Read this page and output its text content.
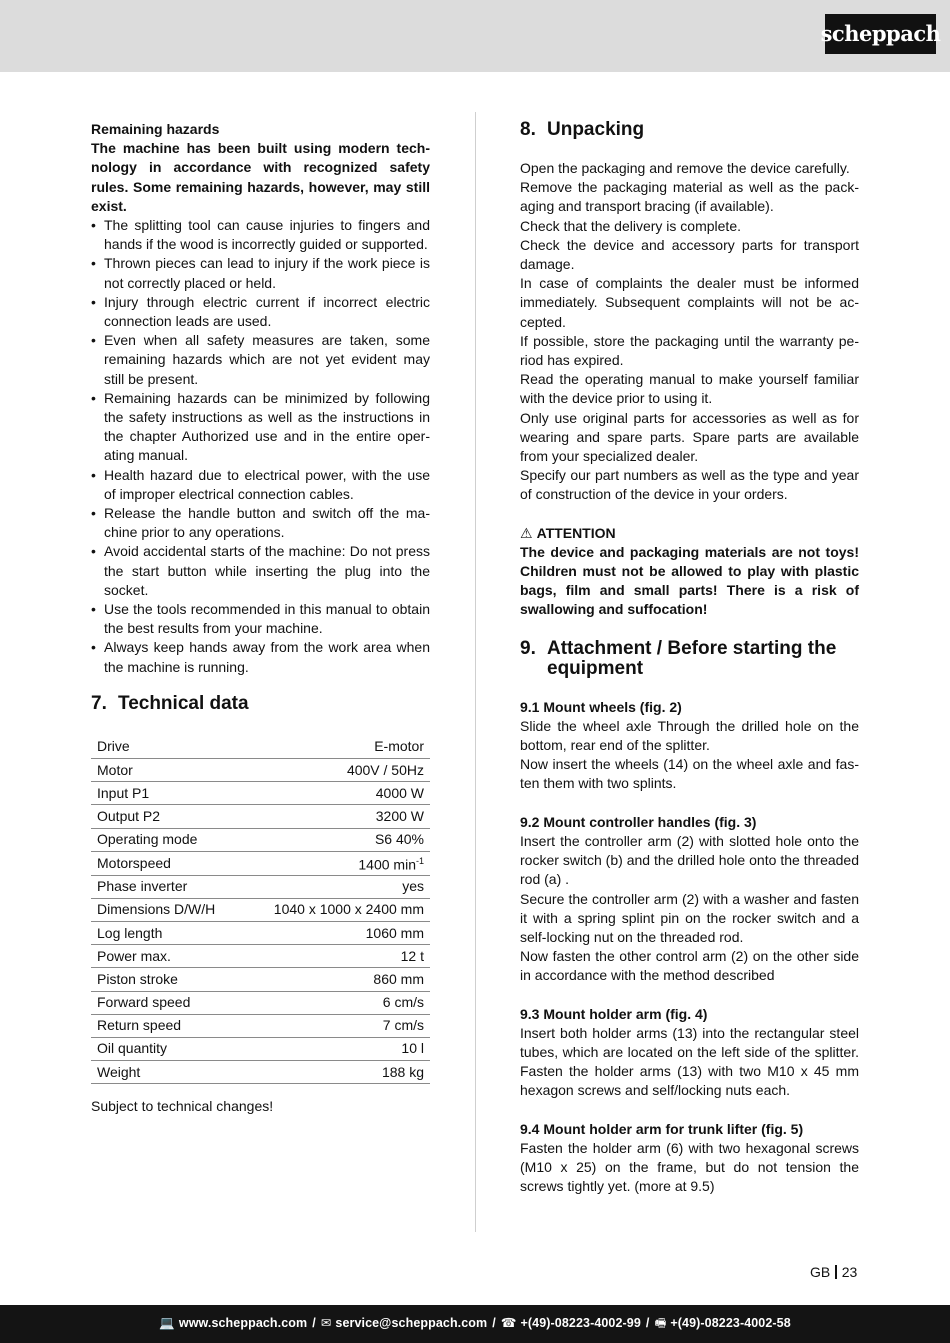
scheppach

Remaining hazards

The machine has been built using modern technology in accordance with recognized safety rules. Some remaining hazards, however, may still exist.

• The splitting tool can cause injuries to fingers and hands if the wood is incorrectly guided or supported.
• Thrown pieces can lead to injury if the work piece is not correctly placed or held.
• Injury through electric current if incorrect electric connection leads are used.
• Even when all safety measures are taken, some remaining hazards which are not yet evident may still be present.
• Remaining hazards can be minimized by following the safety instructions as well as the instructions in the chapter Authorized use and in the entire operating manual.
• Health hazard due to electrical power, with the use of improper electrical connection cables.
• Release the handle button and switch off the machine prior to any operations.
• Avoid accidental starts of the machine: Do not press the start button while inserting the plug into the socket.
• Use the tools recommended in this manual to obtain the best results from your machine.
• Always keep hands away from the work area when the machine is running.
7. Technical data
Drive	E-motor
Motor	400V / 50Hz
Input P1	4000 W
Output P2	3200 W
Operating mode	S6 40%
Motorspeed	1400 $\min^{-1}$
Phase inverter	yes
Dimensions D/W/H	1040 x 1000 x 2400 mm
Log length	1060 mm
Power max.	12 t
Piston stroke	860 mm
Forward speed	6 cm/s
Return speed	7 cm/s
Oil quantity	10 l
Weight	188 kg

Subject to technical changes!

8. Unpacking

Open the packaging and remove the device carefully.

Remove the packaging material as well as the packaging and transport bracing (if available).

Check that the delivery is complete.

Check the device and accessory parts for transport damage.

In case of complaints the dealer must be informed immediately. Subsequent complaints will not be accepted.

If possible, store the packaging until the warranty period has expired.

Read the operating manual to make yourself familiar with the device prior to using it.

Only use original parts for accessories as well as for wearing and spare parts. Spare parts are available from your specialized dealer.

Specify our part numbers as well as the type and year of construction of the device in your orders.

⚠ ATTENTION

The device and packaging materials are not toys! Children must not be allowed to play with plastic bags, film and small parts! There is a risk of swallowing and suffocation!

9. Attachment / Before starting the equipment

9.1 Mount wheels (fig. 2)

Slide the wheel axle Through the drilled hole on the bottom, rear end of the splitter.

Now insert the wheels (14) on the wheel axle and fasten them with two splints.

9.2 Mount controller handles (fig. 3)

Insert the controller arm (2) with slotted hole onto the rocker switch (b) and the drilled hole onto the threaded rod (a) .

Secure the controller arm (2) with a washer and fasten it with a spring splint pin on the rocker switch and a self-locking nut on the threaded rod.

Now fasten the other control arm (2) on the other side in accordance with the method described

9.3 Mount holder arm (fig. 4)

Insert both holder arms (13) into the rectangular steel tubes, which are located on the left side of the splitter. Fasten the holder arms (13) with two M10 x 45 mm hexagon screws and self/locking nuts each.

9.4 Mount holder arm for trunk lifter (fig. 5)

Fasten the holder arm (6) with two hexagonal screws (M10 x 25) on the frame, but do not tension the screws tightly yet. (more at 9.5)

GB 23
💻 www.scheppach.com / ✉ service@scheppach.com / ☎ +(49)-08223-4002-99 / 🖷 +(49)-08223-4002-58
